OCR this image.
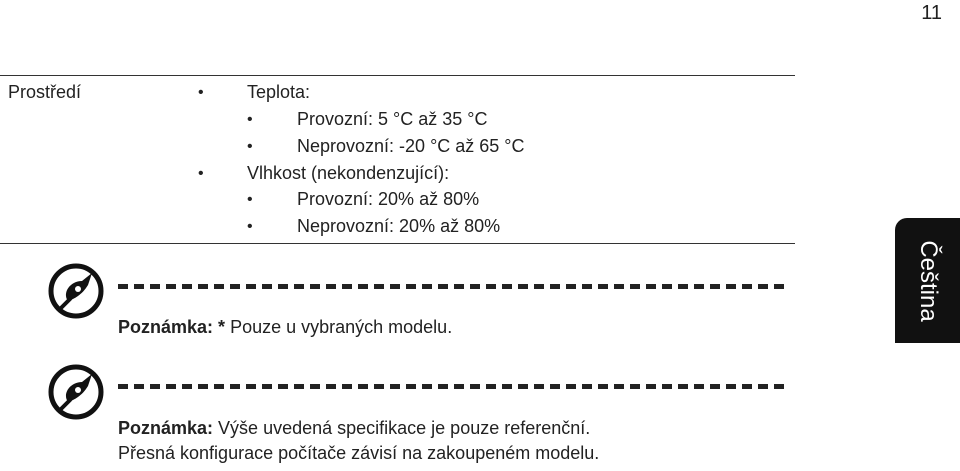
11
Prostředí	• Teplota:
• Provozní: 5 °C až 35 °C
• Neprovozní: -20 °C až 65 °C
• Vlhkost (nekondenzující):
• Provozní: 20% až 80%
• Neprovozní: 20% až 80%
Čeština
Poznámka: * Pouze u vybraných modelu.
Poznámka: Výše uvedená specifikace je pouze referenční.
Přesná konfigurace počítače závisí na zakoupeném modelu.
